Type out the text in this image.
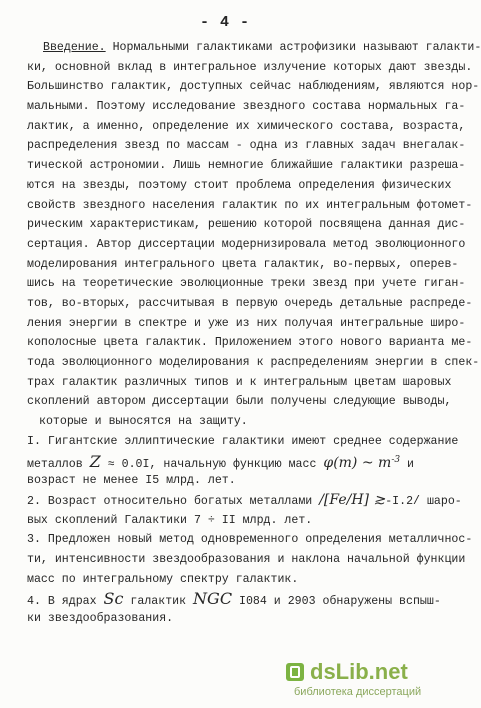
- 4 -
Введение. Нормальными галактиками астрофизики называют галакти-
ки, основной вклад в интегральное излучение которых дают звезды.
Большинство галактик, доступных сейчас наблюдениям, являются нор-
мальными. Поэтому исследование звездного состава нормальных га-
лактик, а именно, определение их химического состава, возраста,
распределения звезд по массам - одна из главных задач внегалак-
тической астрономии. Лишь немногие ближайшие галактики разреша-
ются на звезды, поэтому стоит проблема определения физических
свойств звездного населения галактик по их интегральным фотомет-
рическим характеристикам, решению которой посвящена данная дис-
сертация. Автор диссертации модернизировала метод эволюционного
моделирования интегрального цвета галактик, во-первых, оперев-
шись на теоретические эволюционные треки звезд при учете гиган-
тов, во-вторых, рассчитывая в первую очередь детальные распреде-
ления энергии в спектре и уже из них получая интегральные широ-
кополосные цвета галактик. Приложением этого нового варианта ме-
тода эволюционного моделирования к распределениям энергии в спек-
трах галактик различных типов и к интегральным цветам шаровых
скоплений автором диссертации были получены следующие выводы,
которые и выносятся на защиту.
I. Гигантские эллиптические галактики имеют среднее содержание
металлов Z ≈ 0.0I, начальную функцию масс φ(m) ~ $m^{-3}$ и
возраст не менее I5 млрд. лет.
2. Возраст относительно богатых металлами /[Fe/H] ≳-I.2/ шаро-
вых скоплений Галактики 7 ÷ II млрд. лет.
3. Предложен новый метод одновременного определения металличнос-
ти, интенсивности звездообразования и наклона начальной функции
масс по интегральному спектру галактик.
4. В ядрах Sc галактик NGC I084 и 2903 обнаружены вспыш-
ки звездообразования.
dsLib.net
библиотека диссертаций
